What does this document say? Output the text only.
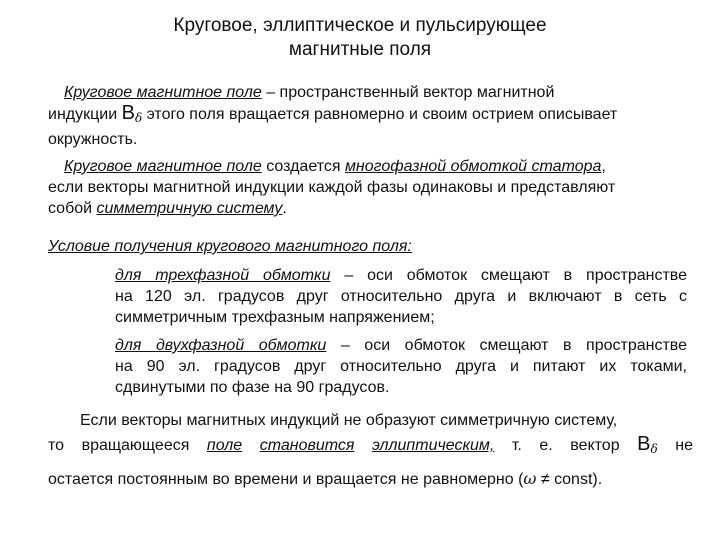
Круговое, эллиптическое и пульсирующее
магнитные поля
Круговое магнитное поле – пространственный вектор магнитной
индукции $B_\delta$ этого поля вращается равномерно и своим острием описывает
окружность.
Круговое магнитное поле создается многофазной обмоткой статора,
если векторы магнитной индукции каждой фазы одинаковы и представляют
собой симметричную систему.
Условие получения кругового магнитного поля:
для трехфазной обмотки – оси обмоток смещают в пространстве
на 120 эл. градусов друг относительно друга и включают в сеть с
симметричным трехфазным напряжением;
для двухфазной обмотки – оси обмоток смещают в пространстве
на 90 эл. градусов друг относительно друга и питают их токами,
сдвинутыми по фазе на 90 градусов.
Если векторы магнитных индукций не образуют симметричную систему,
то вращающееся поле становится эллиптическим, т. е. вектор $B_\delta$ не
остается постоянным во времени и вращается не равномерно (ω ≠ const).
